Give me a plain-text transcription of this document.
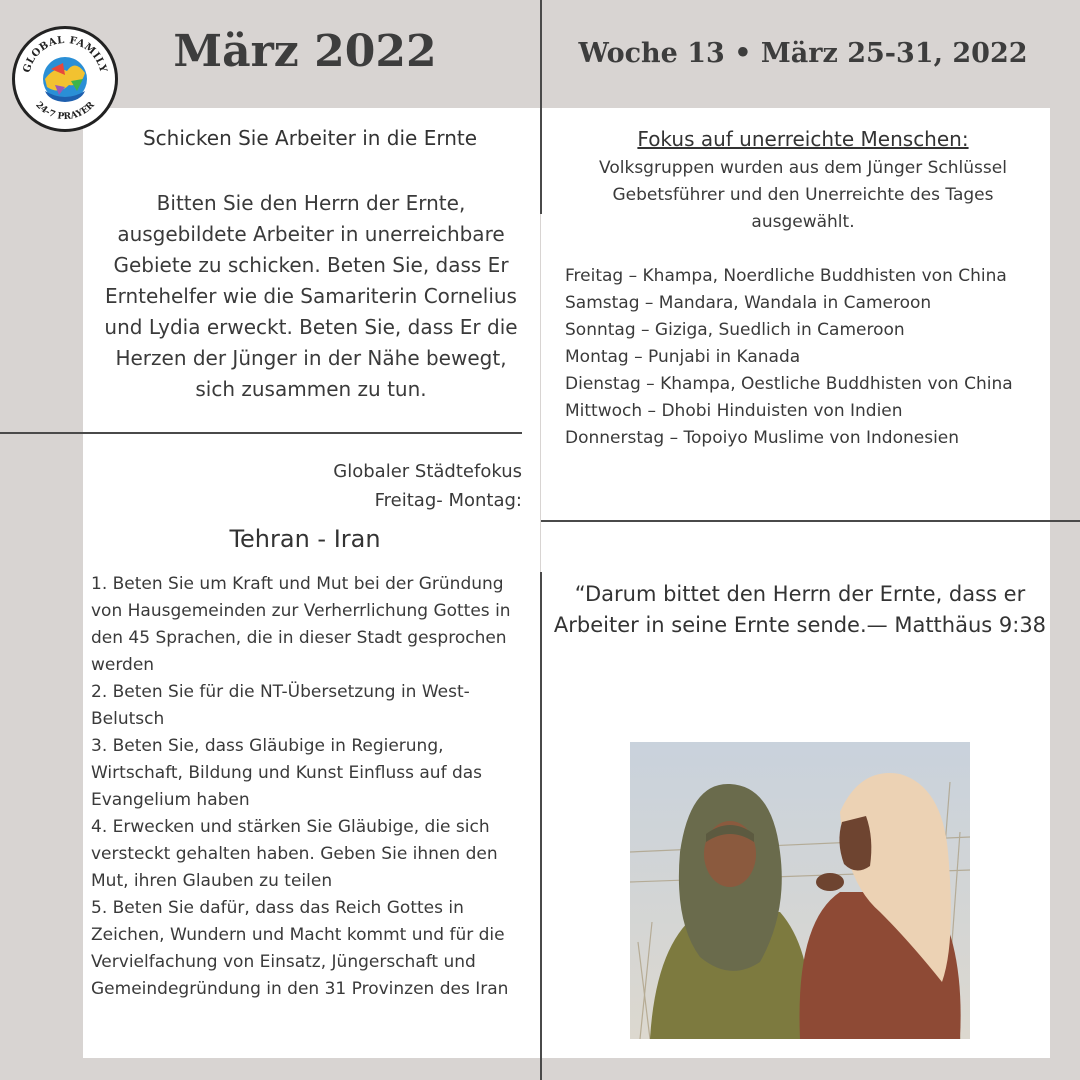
GLOBAL FAMILY
24-7 PRAYER
März 2022	Woche 13 • März 25-31, 2022
Schicken Sie Arbeiter in die Ernte
Bitten Sie den Herrn der Ernte, ausgebildete Arbeiter in unerreichbare Gebiete zu schicken. Beten Sie, dass Er Erntehelfer wie die Samariterin Cornelius und Lydia erweckt. Beten Sie, dass Er die Herzen der Jünger in der Nähe bewegt, sich zusammen zu tun.
Globaler Städtefokus
Freitag- Montag:
Tehran - Iran
1. Beten Sie um Kraft und Mut bei der Gründung von Hausgemeinden zur Verherrlichung Gottes in den 45 Sprachen, die in dieser Stadt gesprochen werden
2. Beten Sie für die NT-Übersetzung in West-Belutsch
3. Beten Sie, dass Gläubige in Regierung, Wirtschaft, Bildung und Kunst Einfluss auf das Evangelium haben
4. Erwecken und stärken Sie Gläubige, die sich versteckt gehalten haben. Geben Sie ihnen den Mut, ihren Glauben zu teilen
5. Beten Sie dafür, dass das Reich Gottes in Zeichen, Wundern und Macht kommt und für die Vervielfachung von Einsatz, Jüngerschaft und Gemeindegründung in den 31 Provinzen des Iran
Fokus auf unerreichte Menschen:
Volksgruppen wurden aus dem Jünger Schlüssel Gebetsführer und den Unerreichte des Tages ausgewählt.
Freitag – Khampa, Noerdliche Buddhisten von China
Samstag – Mandara, Wandala in Cameroon
Sonntag – Giziga, Suedlich in Cameroon
Montag – Punjabi in Kanada
Dienstag – Khampa, Oestliche Buddhisten von China
Mittwoch – Dhobi Hinduisten von Indien
Donnerstag – Topoiyo Muslime von Indonesien
“Darum bittet den Herrn der Ernte, dass er Arbeiter in seine Ernte sende.— Matthäus 9:38
